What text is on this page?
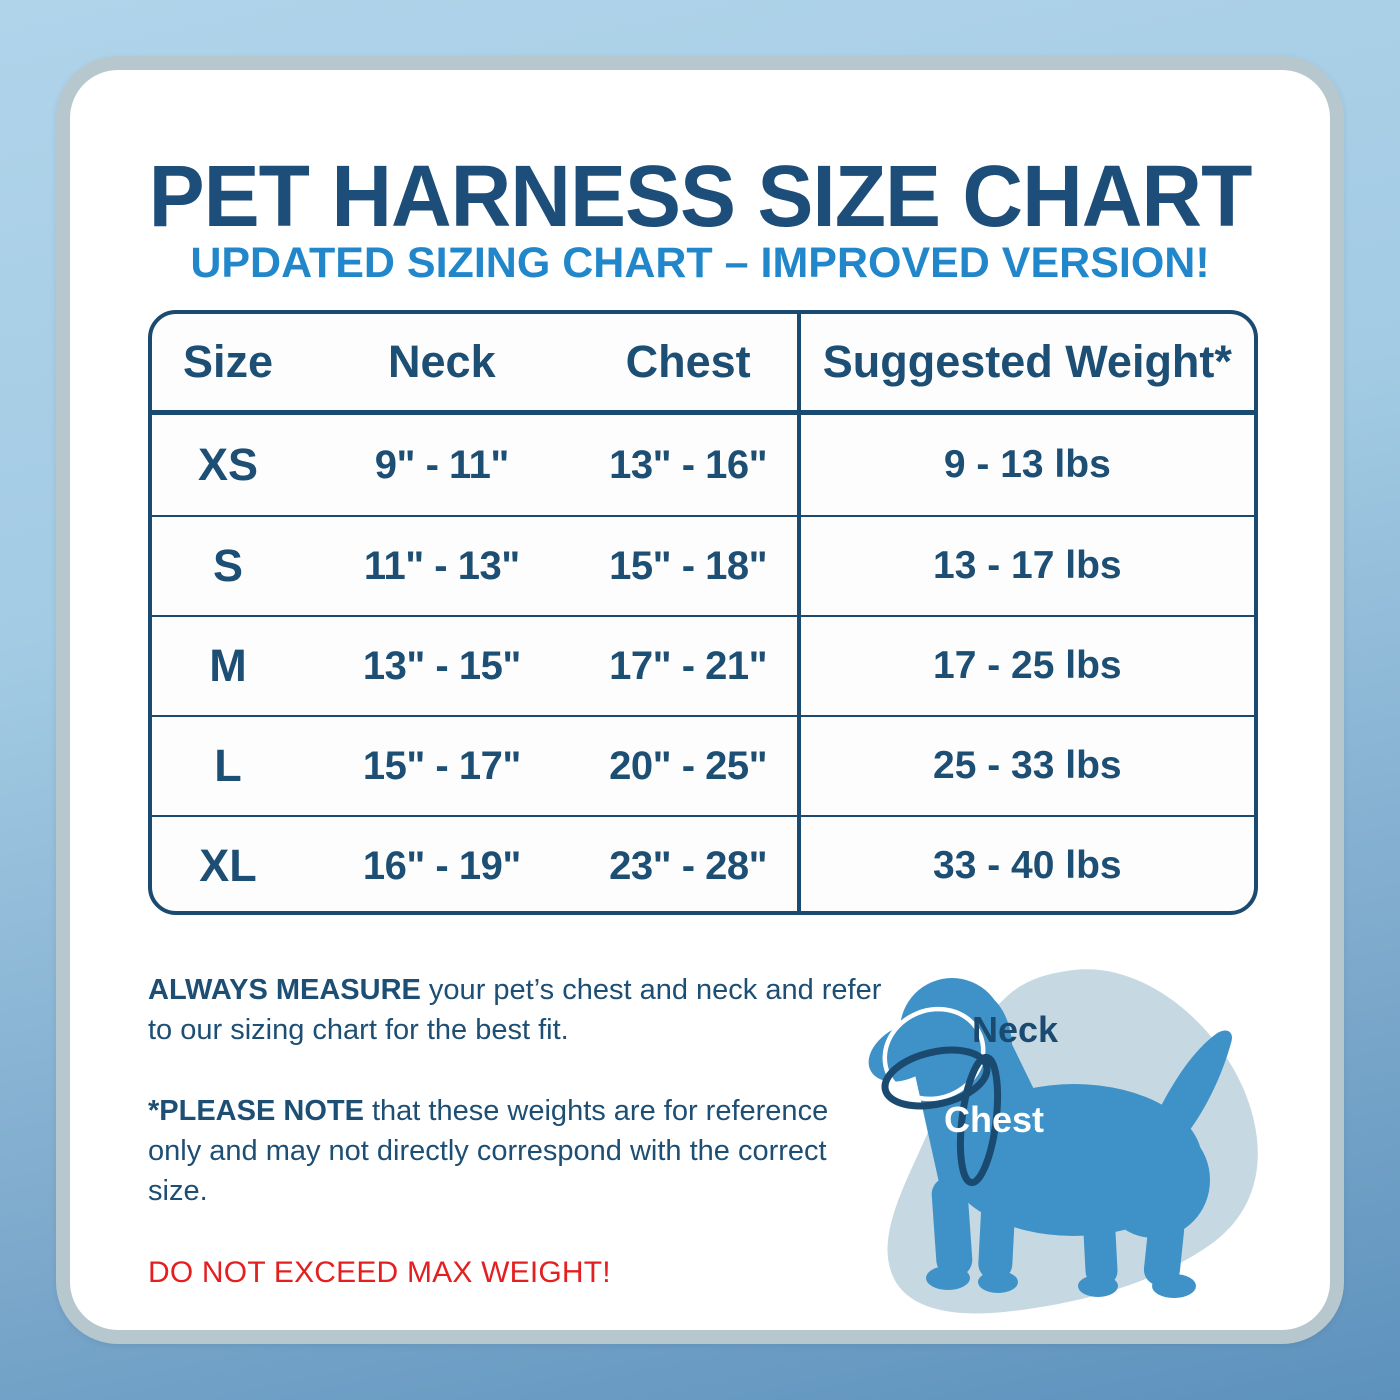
PET HARNESS SIZE CHART
UPDATED SIZING CHART – IMPROVED VERSION!
Size	Neck	Chest	Suggested Weight*
XS	9" - 11"	13" - 16"	9 - 13 lbs
S	11" - 13"	15" - 18"	13 - 17 lbs
M	13" - 15"	17" - 21"	17 - 25 lbs
L	15" - 17"	20" - 25"	25 - 33 lbs
XL	16" - 19"	23" - 28"	33 - 40 lbs

ALWAYS MEASURE your pet’s chest and neck and refer to our sizing chart for the best fit.

*PLEASE NOTE that these weights are for reference only and may not directly correspond with the correct size.

DO NOT EXCEED MAX WEIGHT!

Neck
Chest
